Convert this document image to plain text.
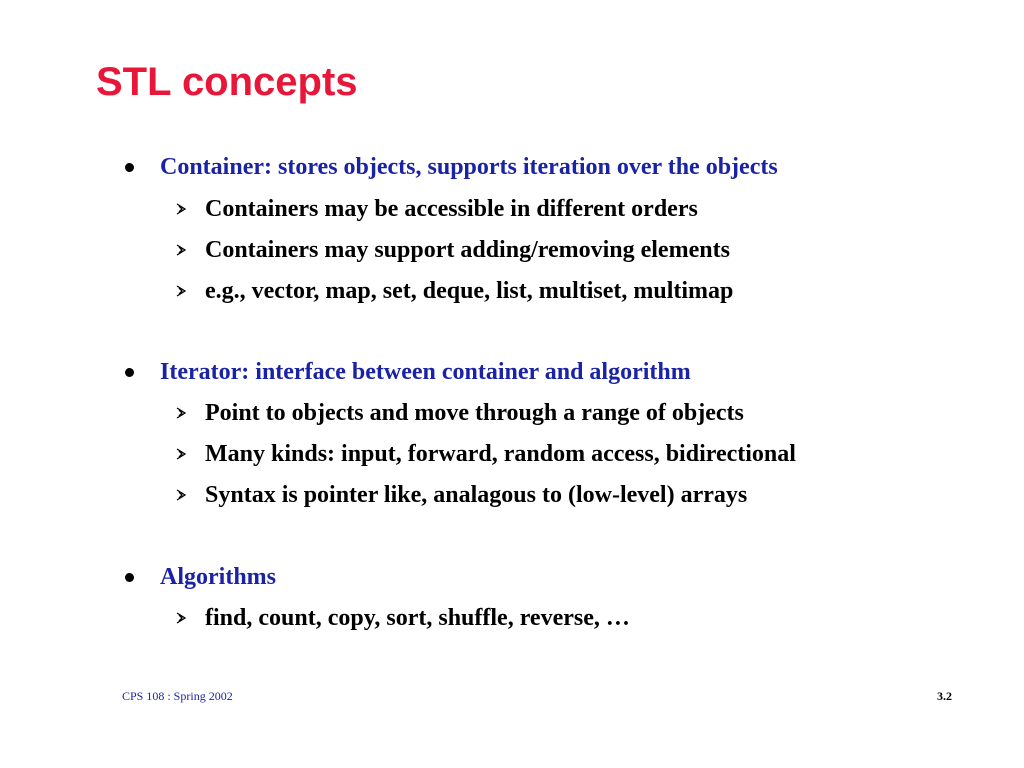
STL concepts
Container: stores objects, supports iteration over the objects
Containers may be accessible in different orders
Containers may support adding/removing elements
e.g., vector, map, set, deque, list, multiset, multimap
Iterator: interface between container and algorithm
Point to objects and move through a range of objects
Many kinds: input, forward, random access, bidirectional
Syntax is pointer like, analagous to (low-level) arrays
Algorithms
find, count, copy, sort, shuffle, reverse, …
CPS 108 : Spring 2002	3.2
